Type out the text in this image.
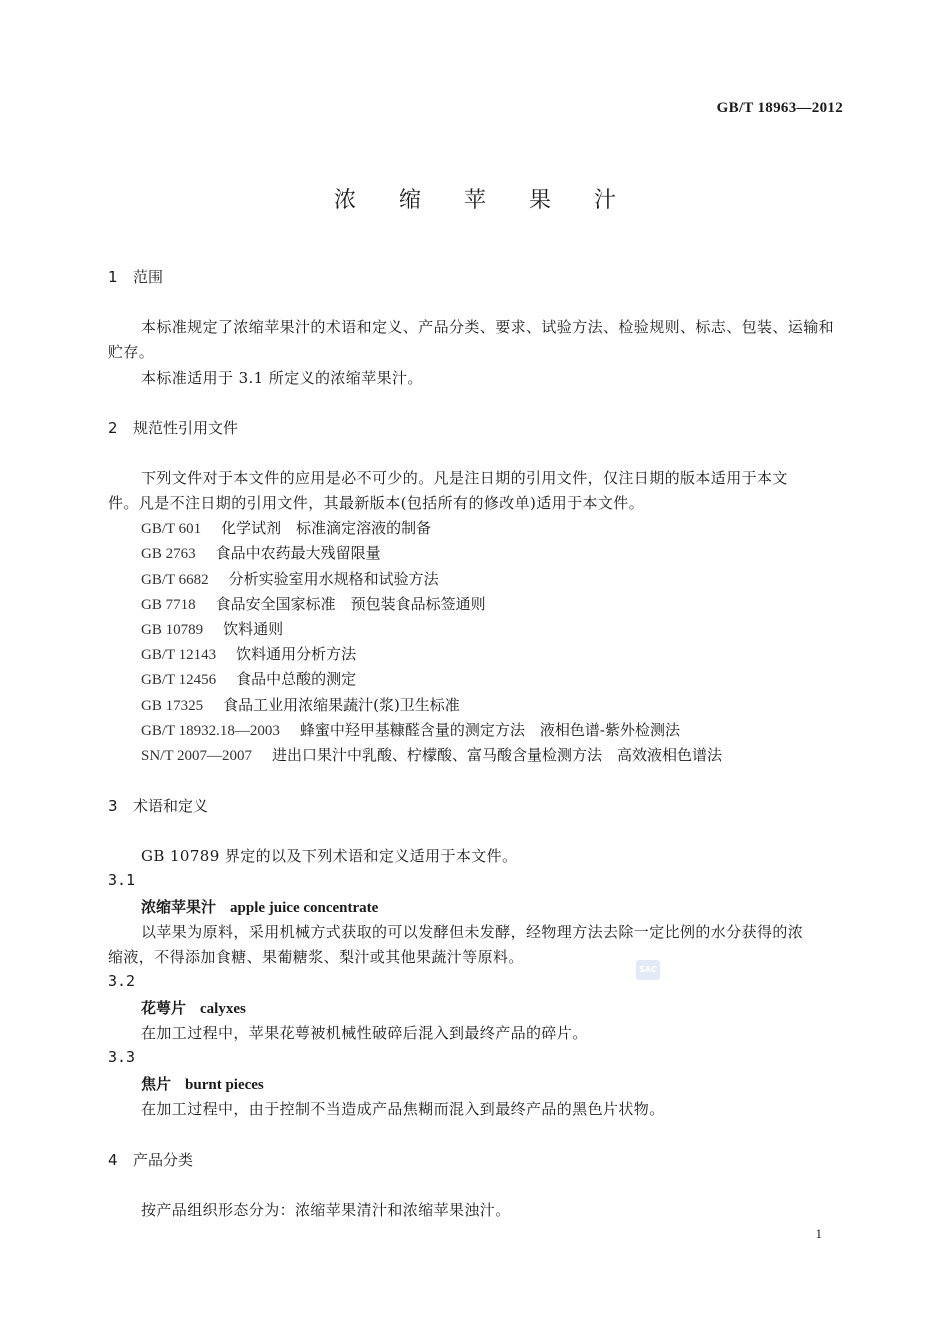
GB/T 18963—2012
浓 缩 苹 果 汁
1 范围
本标准规定了浓缩苹果汁的术语和定义、产品分类、要求、试验方法、检验规则、标志、包装、运输和
贮存。
本标准适用于 3.1 所定义的浓缩苹果汁。
2 规范性引用文件
下列文件对于本文件的应用是必不可少的。凡是注日期的引用文件，仅注日期的版本适用于本文
件。凡是不注日期的引用文件，其最新版本(包括所有的修改单)适用于本文件。
GB/T 601 化学试剂　标准滴定溶液的制备
GB 2763 食品中农药最大残留限量
GB/T 6682 分析实验室用水规格和试验方法
GB 7718 食品安全国家标准　预包装食品标签通则
GB 10789 饮料通则
GB/T 12143 饮料通用分析方法
GB/T 12456 食品中总酸的测定
GB 17325 食品工业用浓缩果蔬汁(浆)卫生标准
GB/T 18932.18—2003 蜂蜜中羟甲基糠醛含量的测定方法　液相色谱-紫外检测法
SN/T 2007—2007 进出口果汁中乳酸、柠檬酸、富马酸含量检测方法　高效液相色谱法
3 术语和定义
GB 10789 界定的以及下列术语和定义适用于本文件。
3.1
浓缩苹果汁 apple juice concentrate
以苹果为原料，采用机械方式获取的可以发酵但未发酵，经物理方法去除一定比例的水分获得的浓
缩液，不得添加食糖、果葡糖浆、梨汁或其他果蔬汁等原料。
SAC
3.2
花萼片 calyxes
在加工过程中，苹果花萼被机械性破碎后混入到最终产品的碎片。
3.3
焦片 burnt pieces
在加工过程中，由于控制不当造成产品焦糊而混入到最终产品的黑色片状物。
4 产品分类
按产品组织形态分为：浓缩苹果清汁和浓缩苹果浊汁。
1
